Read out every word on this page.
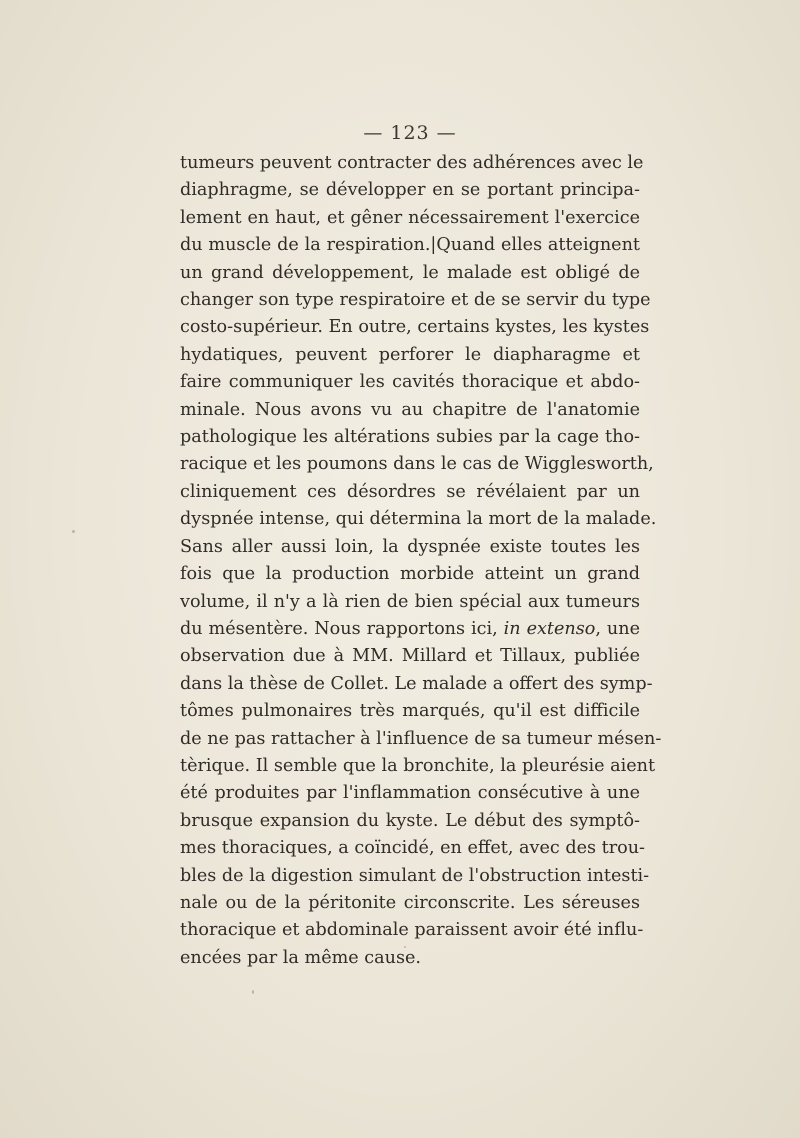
— 123 —
tumeurs peuvent contracter des adhérences avec le
diaphragme, se développer en se portant principa-
lement en haut, et gêner nécessairement l'exercice
du muscle de la respiration.|Quand elles atteignent
un grand développement, le malade est obligé de
changer son type respiratoire et de se servir du type
costo-supérieur. En outre, certains kystes, les kystes
hydatiques, peuvent perforer le diapharagme et
faire communiquer les cavités thoracique et abdo-
minale. Nous avons vu au chapitre de l'anatomie
pathologique les altérations subies par la cage tho-
racique et les poumons dans le cas de Wigglesworth,
cliniquement ces désordres se révélaient par un
dyspnée intense, qui détermina la mort de la malade.
Sans aller aussi loin, la dyspnée existe toutes les
fois que la production morbide atteint un grand
volume, il n'y a là rien de bien spécial aux tumeurs
du mésentère. Nous rapportons ici, in extenso, une
observation due à MM. Millard et Tillaux, publiée
dans la thèse de Collet. Le malade a offert des symp-
tômes pulmonaires très marqués, qu'il est difficile
de ne pas rattacher à l'influence de sa tumeur mésen-
tèrique. Il semble que la bronchite, la pleurésie aient
été produites par l'inflammation consécutive à une
brusque expansion du kyste. Le début des symptô-
mes thoraciques, a coïncidé, en effet, avec des trou-
bles de la digestion simulant de l'obstruction intesti-
nale ou de la péritonite circonscrite. Les séreuses
thoracique et abdominale paraissent avoir été influ-
encées par la même cause.
